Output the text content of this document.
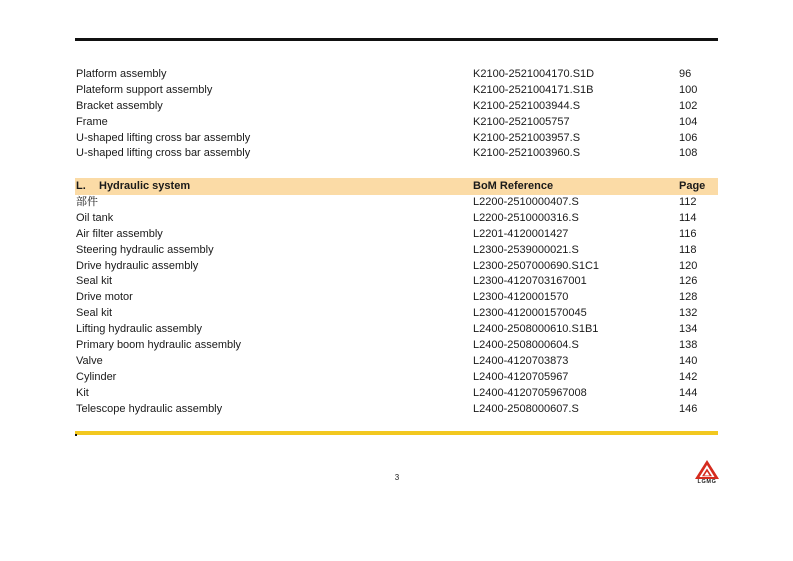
Platform assembly	K2100-2521004170.S1D	96
Plateform support assembly	K2100-2521004171.S1B	100
Bracket assembly	K2100-2521003944.S	102
Frame	K2100-2521005757	104
U-shaped lifting cross bar assembly	K2100-2521003957.S	106
U-shaped lifting cross bar assembly	K2100-2521003960.S	108
L. Hydraulic system	BoM Reference	Page
部件	L2200-2510000407.S	112
Oil tank	L2200-2510000316.S	114
Air filter assembly	L2201-4120001427	116
Steering hydraulic assembly	L2300-2539000021.S	118
Drive hydraulic assembly	L2300-2507000690.S1C1	120
Seal kit	L2300-4120703167001	126
Drive motor	L2300-4120001570	128
Seal kit	L2300-4120001570045	132
Lifting hydraulic assembly	L2400-2508000610.S1B1	134
Primary boom hydraulic assembly	L2400-2508000604.S	138
Valve	L2400-4120703873	140
Cylinder	L2400-4120705967	142
Kit	L2400-4120705967008	144
Telescope hydraulic assembly	L2400-2508000607.S	146
3	LGMG
